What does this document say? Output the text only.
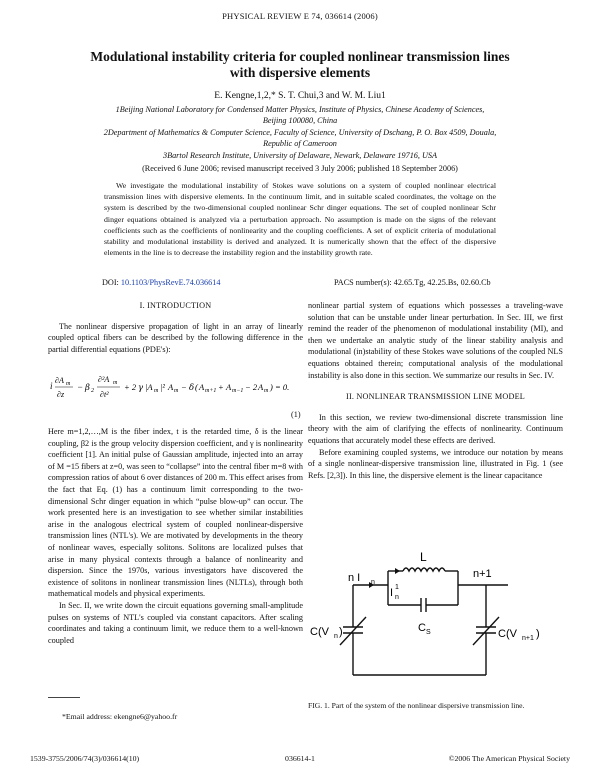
PHYSICAL REVIEW E 74, 036614 (2006)
Modulational instability criteria for coupled nonlinear transmission lines
with dispersive elements
E. Kengne,1,2,* S. T. Chui,3 and W. M. Liu1
1Beijing National Laboratory for Condensed Matter Physics, Institute of Physics, Chinese Academy of Sciences,
Beijing 100080, China
2Department of Mathematics & Computer Science, Faculty of Science, University of Dschang, P. O. Box 4509, Douala,
Republic of Cameroon
3Bartol Research Institute, University of Delaware, Newark, Delaware 19716, USA
(Received 6 June 2006; revised manuscript received 3 July 2006; published 18 September 2006)
We investigate the modulational instability of Stokes wave solutions on a system of coupled nonlinear electrical transmission lines with dispersive elements. In the continuum limit, and in suitable scaled coordinates, the voltage on the system is described by the two-dimensional coupled nonlinear Schr dinger equations. The set of coupled nonlinear Schr dinger equations obtained is analyzed via a perturbation approach. No assumption is made on the signs of the relevant coefficients such as the coefficients of nonlinearity and the coupling coefficients. A set of explicit criteria of modulational stability and modulational instability is derived and analyzed. It is numerically shown that the effect of the dispersive elements in the line is to decrease the instability region and the instability growth rate.
DOI: 10.1103/PhysRevE.74.036614	PACS number(s): 42.65.Tg, 42.25.Bs, 02.60.Cb
I. INTRODUCTION

The nonlinear dispersive propagation of light in an array of linearly coupled optical fibers can be described by the following difference in the partial differential equations (PDE's):

i
∂A m
∂z
− β 2
∂²A m
∂t²
+ 2 γ |A m |² A m − δ ( A m+1 + A m−1 − 2 A m ) = 0.
(1)

Here m=1,2,…,M is the fiber index, t is the retarded time, δ is the linear coupling, β2 is the group velocity dispersion coefficient, and γ is nonlinearity coefficient [1]. An initial pulse of Gaussian amplitude, injected into an array of M =15 fibers at z=0, was seen to “collapse” into the central fiber m=8 with compression ratios of about 6 over distances of 200 m. This effect arises from the fact that Eq. (1) has a continuum limit corresponding to the two-dimensional Schr dinger equation in which “pulse blow-up” can occur. The work presented here is an investigation to see whether similar instabilities arise in the analogous electrical system of coupled nonlinear-dispersive transmission lines (NTL's). We are motivated by developments in the theory of nonlinear waves, especially solitons. Solitons are localized pulses that arise in many physical contexts through a balance of nonlinearity and dispersion. Since the 1970s, various investigators have discovered the existence of solitons in nonlinear transmission lines (NLTLs), through both mathematical models and physical experiments.

In Sec. II, we write down the circuit equations governing small-amplitude pulses on systems of NTL's coupled via constant capacitors. After scaling coordinates and taking a continuum limit, we reduce them to a well-known coupled

*Email address: ekengne6@yahoo.fr

nonlinear partial system of equations which possesses a traveling-wave solution that can be unstable under linear perturbation. In Sec. III, we first remind the reader of the phenomenon of modulational instability (MI), and then we undertake an analytic study of the linear stability analysis and modulational (in)stability of these Stokes wave solutions of the coupled NLS equations obtained therein; computational analysis of the modulational instability is also done in this section. We summarize our results in Sec. IV.

II. NONLINEAR TRANSMISSION LINE MODEL

In this section, we review two-dimensional discrete transmission line theory with the aim of clarifying the effects of nonlinearity. Continuum equations that accurately model these effects are derived.

Before examining coupled systems, we introduce our notation by means of a single nonlinear-dispersive transmission line, illustrated in Fig. 1 (see Refs. [2,3]). In this line, the dispersive element is the linear capacitance

L
n I n
I 1
n
n+1
C S
C(V n )	C(V n+1 )
FIG. 1. Part of the system of the nonlinear dispersive transmission line.
1539-3755/2006/74(3)/036614(10)	036614-1	©2006 The American Physical Society
